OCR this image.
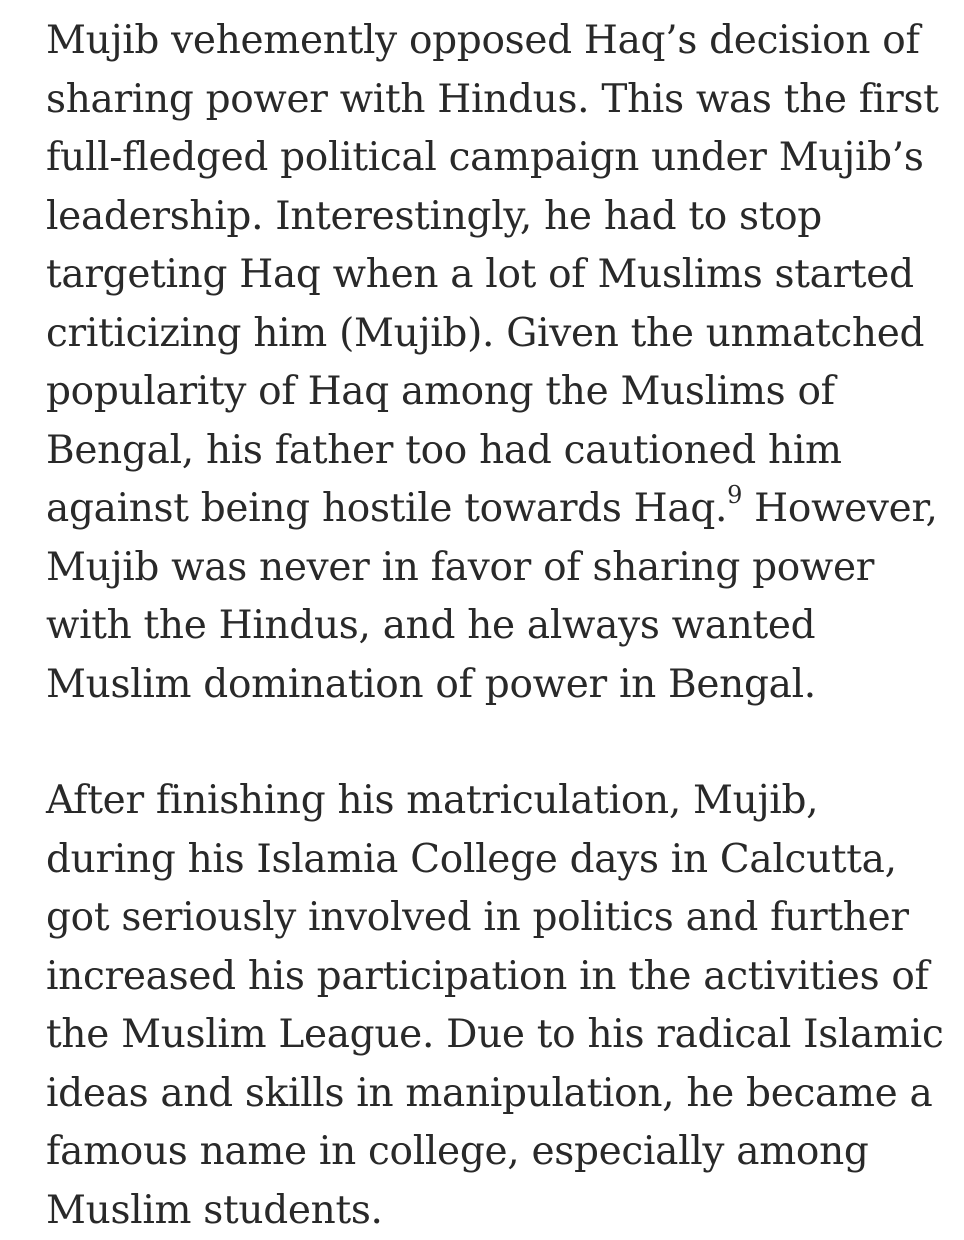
Mujib vehemently opposed Haq’s decision of
sharing power with Hindus. This was the first
full-fledged political campaign under Mujib’s
leadership. Interestingly, he had to stop
targeting Haq when a lot of Muslims started
criticizing him (Mujib). Given the unmatched
popularity of Haq among the Muslims of
Bengal, his father too had cautioned him
against being hostile towards Haq.$^9$ However,
Mujib was never in favor of sharing power
with the Hindus, and he always wanted
Muslim domination of power in Bengal.

After finishing his matriculation, Mujib,
during his Islamia College days in Calcutta,
got seriously involved in politics and further
increased his participation in the activities of
the Muslim League. Due to his radical Islamic
ideas and skills in manipulation, he became a
famous name in college, especially among
Muslim students.
